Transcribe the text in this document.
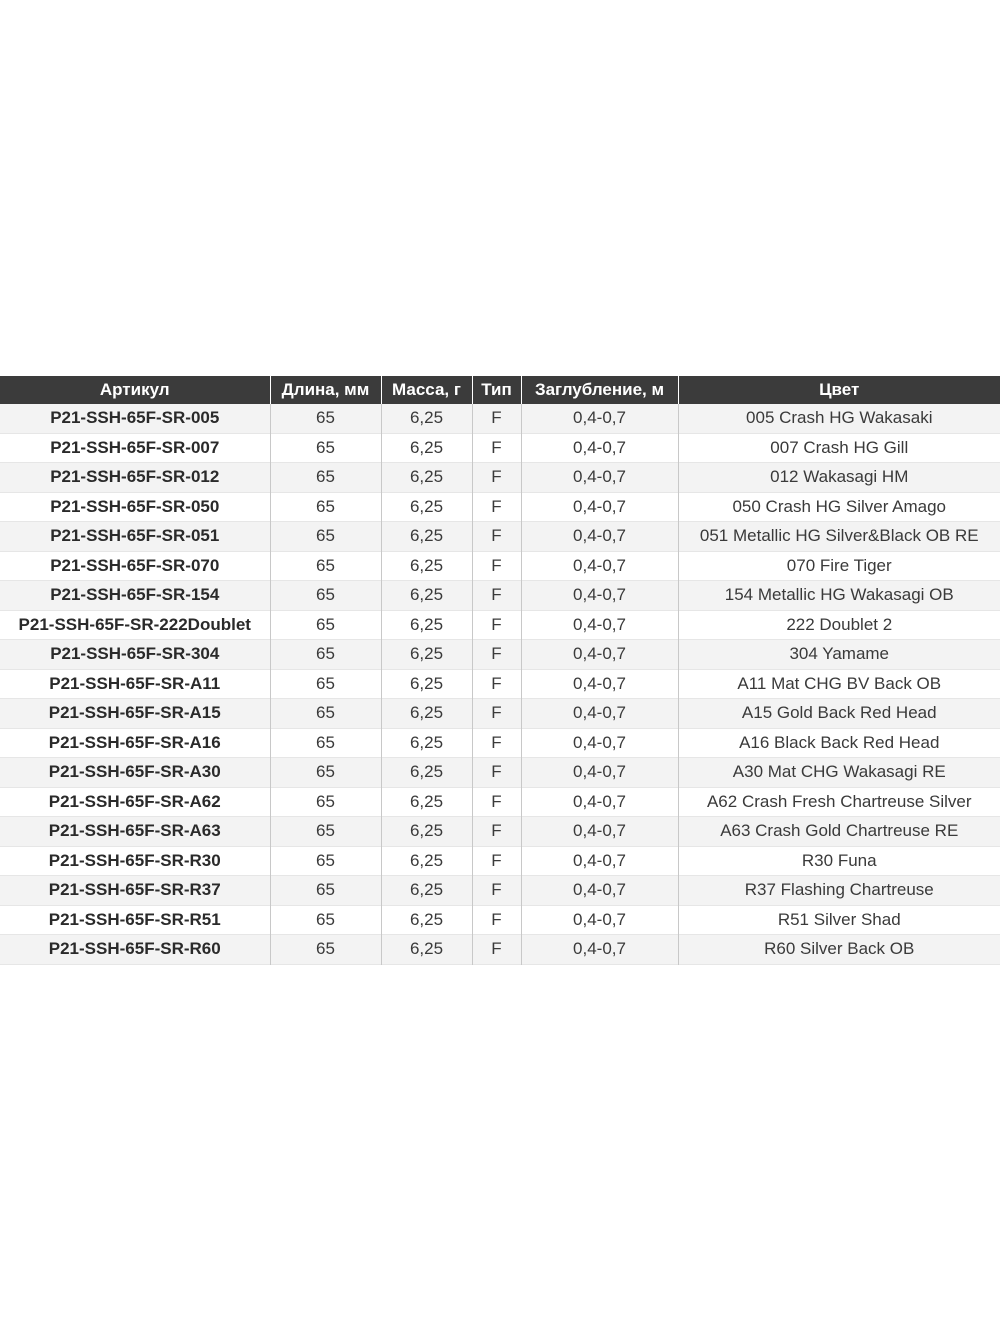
Артикул	Длина, мм	Масса, г	Тип	Заглубление, м	Цвет
P21-SSH-65F-SR-005	65	6,25	F	0,4-0,7	005 Crash HG Wakasaki
P21-SSH-65F-SR-007	65	6,25	F	0,4-0,7	007 Crash HG Gill
P21-SSH-65F-SR-012	65	6,25	F	0,4-0,7	012 Wakasagi HM
P21-SSH-65F-SR-050	65	6,25	F	0,4-0,7	050 Crash HG Silver Amago
P21-SSH-65F-SR-051	65	6,25	F	0,4-0,7	051 Metallic HG Silver&Black OB RE
P21-SSH-65F-SR-070	65	6,25	F	0,4-0,7	070 Fire Tiger
P21-SSH-65F-SR-154	65	6,25	F	0,4-0,7	154 Metallic HG Wakasagi OB
P21-SSH-65F-SR-222Doublet	65	6,25	F	0,4-0,7	222 Doublet 2
P21-SSH-65F-SR-304	65	6,25	F	0,4-0,7	304 Yamame
P21-SSH-65F-SR-A11	65	6,25	F	0,4-0,7	A11 Mat CHG BV Back OB
P21-SSH-65F-SR-A15	65	6,25	F	0,4-0,7	A15 Gold Back Red Head
P21-SSH-65F-SR-A16	65	6,25	F	0,4-0,7	A16 Black Back Red Head
P21-SSH-65F-SR-A30	65	6,25	F	0,4-0,7	A30 Mat CHG Wakasagi RE
P21-SSH-65F-SR-A62	65	6,25	F	0,4-0,7	A62 Crash Fresh Chartreuse Silver
P21-SSH-65F-SR-A63	65	6,25	F	0,4-0,7	A63 Crash Gold Chartreuse RE
P21-SSH-65F-SR-R30	65	6,25	F	0,4-0,7	R30 Funa
P21-SSH-65F-SR-R37	65	6,25	F	0,4-0,7	R37 Flashing Chartreuse
P21-SSH-65F-SR-R51	65	6,25	F	0,4-0,7	R51 Silver Shad
P21-SSH-65F-SR-R60	65	6,25	F	0,4-0,7	R60 Silver Back OB
